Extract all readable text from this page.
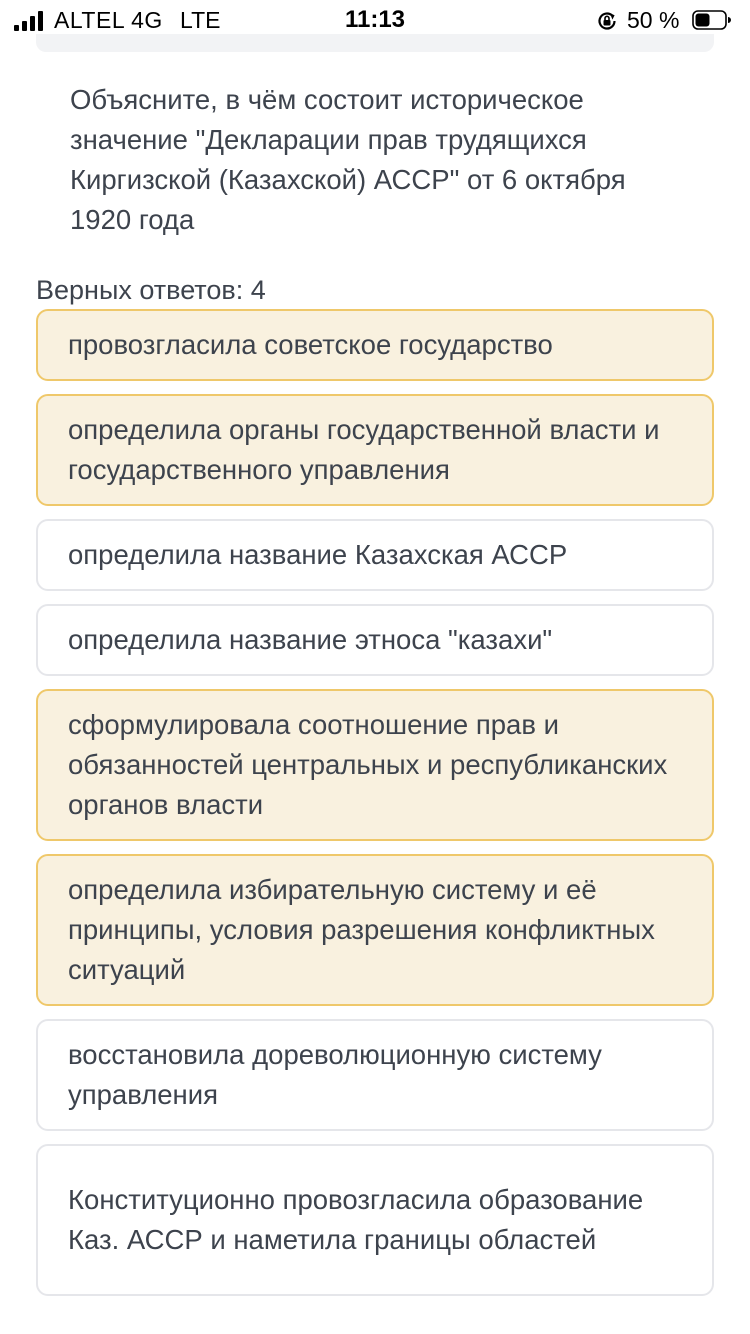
ALTEL 4G LTE	11:13	50 %
Объясните, в чём состоит историческое значение "Декларации прав трудящихся Киргизской (Казахской) АССР" от 6 октября 1920 года
Верных ответов: 4
провозгласила советское государство
определила органы государственной власти и государственного управления
определила название Казахская АССР
определила название этноса "казахи"
сформулировала соотношение прав и обязанностей центральных и республиканских органов власти
определила избирательную систему и её принципы, условия разрешения конфликтных ситуаций
восстановила дореволюционную систему управления
Конституционно провозгласила образование Каз. АССР и наметила границы областей
